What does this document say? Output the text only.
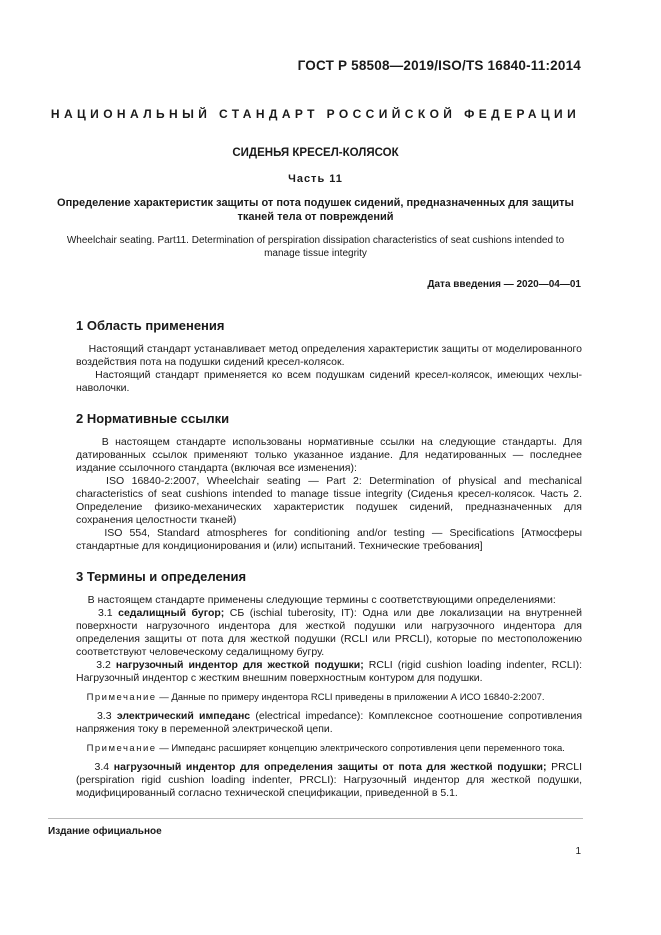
ГОСТ Р 58508—2019/ISO/TS 16840-11:2014
НАЦИОНАЛЬНЫЙ СТАНДАРТ РОССИЙСКОЙ ФЕДЕРАЦИИ
СИДЕНЬЯ КРЕСЕЛ-КОЛЯСОК
Часть 11
Определение характеристик защиты от пота подушек сидений, предназначенных для защиты тканей тела от повреждений
Wheelchair seating. Part11. Determination of perspiration dissipation characteristics of seat cushions intended to manage tissue integrity
Дата введения — 2020—04—01
1 Область применения

Настоящий стандарт устанавливает метод определения характеристик защиты от моделированного воздействия пота на подушки сидений кресел-колясок.

Настоящий стандарт применяется ко всем подушкам сидений кресел-колясок, имеющих чехлы-наволочки.

2 Нормативные ссылки

В настоящем стандарте использованы нормативные ссылки на следующие стандарты. Для датированных ссылок применяют только указанное издание. Для недатированных — последнее издание ссылочного стандарта (включая все изменения):

ISO 16840-2:2007, Wheelchair seating — Part 2: Determination of physical and mechanical characteristics of seat cushions intended to manage tissue integrity (Сиденья кресел-колясок. Часть 2. Определение физико-механических характеристик подушек сидений, предназначенных для сохранения целостности тканей)

ISO 554, Standard atmospheres for conditioning and/or testing — Specifications [Атмосферы стандартные для кондиционирования и (или) испытаний. Технические требования]

3 Термины и определения

В настоящем стандарте применены следующие термины с соответствующими определениями:

3.1 седалищный бугор; СБ (ischial tuberosity, IT): Одна или две локализации на внутренней поверхности нагрузочного индентора для жесткой подушки или нагрузочного индентора для определения защиты от пота для жесткой подушки (RCLI или PRCLI), которые по местоположению соответствуют человеческому седалищному бугру.

3.2 нагрузочный индентор для жесткой подушки; RCLI (rigid cushion loading indenter, RCLI): Нагрузочный индентор с жестким внешним поверхностным контуром для подушки.

Примечание — Данные по примеру индентора RCLI приведены в приложении А ИСО 16840-2:2007.

3.3 электрический импеданс (electrical impedance): Комплексное соотношение сопротивления напряжения току в переменной электрической цепи.

Примечание — Импеданс расширяет концепцию электрического сопротивления цепи переменного тока.

3.4 нагрузочный индентор для определения защиты от пота для жесткой подушки; PRCLI (perspiration rigid cushion loading indenter, PRCLI): Нагрузочный индентор для жесткой подушки, модифицированный согласно технической спецификации, приведенной в 5.1.

Издание официальное
1
